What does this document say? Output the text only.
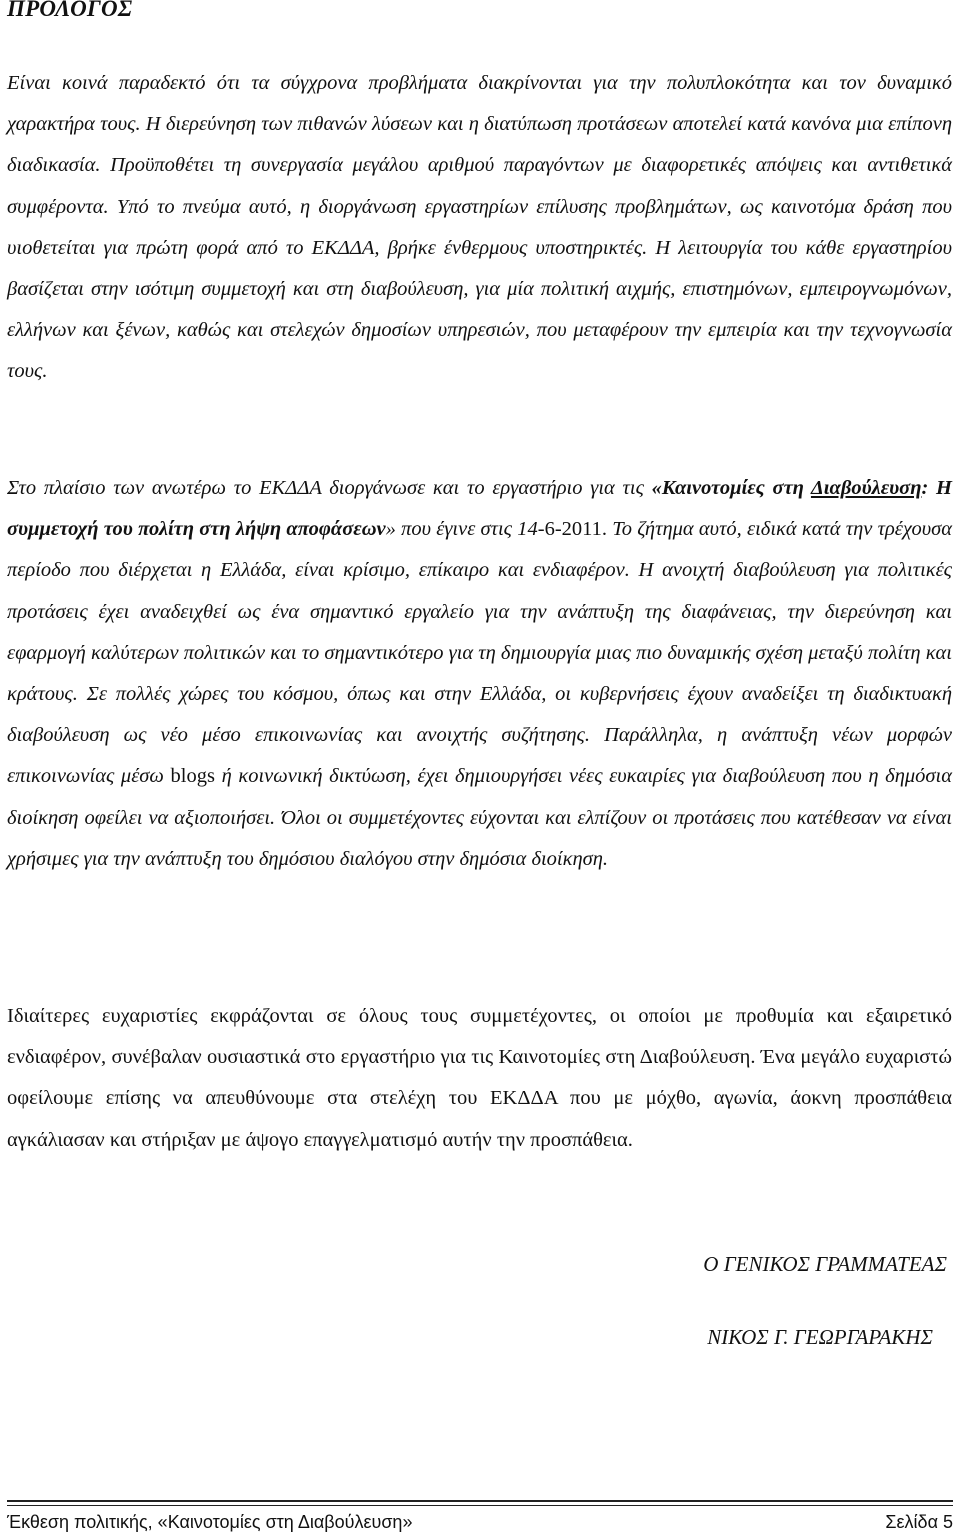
ΠΡΟΛΟΓΟΣ

Είναι κοινά παραδεκτό ότι τα σύγχρονα προβλήματα διακρίνονται για την πολυπλοκότητα και τον δυναμικό χαρακτήρα τους. Η διερεύνηση των πιθανών λύσεων και η διατύπωση προτάσεων αποτελεί κατά κανόνα μια επίπονη διαδικασία. Προϋποθέτει τη συνεργασία μεγάλου αριθμού παραγόντων με διαφορετικές απόψεις και αντιθετικά συμφέροντα. Υπό το πνεύμα αυτό, η διοργάνωση εργαστηρίων επίλυσης προβλημάτων, ως καινοτόμα δράση που υιοθετείται για πρώτη φορά από το ΕΚΔΔΑ, βρήκε ένθερμους υποστηρικτές. Η λειτουργία του κάθε εργαστηρίου βασίζεται στην ισότιμη συμμετοχή και στη διαβούλευση, για μία πολιτική αιχμής, επιστημόνων, εμπειρογνωμόνων, ελλήνων και ξένων, καθώς και στελεχών δημοσίων υπηρεσιών, που μεταφέρουν την εμπειρία και την τεχνογνωσία τους.

Στο πλαίσιο των ανωτέρω το ΕΚΔΔΑ διοργάνωσε και το εργαστήριο για τις «Καινοτομίες στη Διαβούλευση: Η συμμετοχή του πολίτη στη λήψη αποφάσεων» που έγινε στις 14-6-2011. Το ζήτημα αυτό, ειδικά κατά την τρέχουσα περίοδο που διέρχεται η Ελλάδα, είναι κρίσιμο, επίκαιρο και ενδιαφέρον. Η ανοιχτή διαβούλευση για πολιτικές προτάσεις έχει αναδειχθεί ως ένα σημαντικό εργαλείο για την ανάπτυξη της διαφάνειας, την διερεύνηση και εφαρμογή καλύτερων πολιτικών και το σημαντικότερο για τη δημιουργία μιας πιο δυναμικής σχέση μεταξύ πολίτη και κράτους. Σε πολλές χώρες του κόσμου, όπως και στην Ελλάδα, οι κυβερνήσεις έχουν αναδείξει τη διαδικτυακή διαβούλευση ως νέο μέσο επικοινωνίας και ανοιχτής συζήτησης. Παράλληλα, η ανάπτυξη νέων μορφών επικοινωνίας μέσω blogs ή κοινωνική δικτύωση, έχει δημιουργήσει νέες ευκαιρίες για διαβούλευση που η δημόσια διοίκηση οφείλει να αξιοποιήσει. Όλοι οι συμμετέχοντες εύχονται και ελπίζουν οι προτάσεις που κατέθεσαν να είναι χρήσιμες για την ανάπτυξη του δημόσιου διαλόγου στην δημόσια διοίκηση.

Ιδιαίτερες ευχαριστίες εκφράζονται σε όλους τους συμμετέχοντες, οι οποίοι με προθυμία και εξαιρετικό ενδιαφέρον, συνέβαλαν ουσιαστικά στο εργαστήριο για τις Καινοτομίες στη Διαβούλευση. Ένα μεγάλο ευχαριστώ οφείλουμε επίσης να απευθύνουμε στα στελέχη του ΕΚΔΔΑ που με μόχθο, αγωνία, άοκνη προσπάθεια αγκάλιασαν και στήριξαν με άψογο επαγγελματισμό αυτήν την προσπάθεια.

Ο ΓΕΝΙΚΟΣ ΓΡΑΜΜΑΤΕΑΣ
ΝΙΚΟΣ Γ. ΓΕΩΡΓΑΡΑΚΗΣ
Έκθεση πολιτικής, «Καινοτομίες στη Διαβούλευση»	Σελίδα 5
